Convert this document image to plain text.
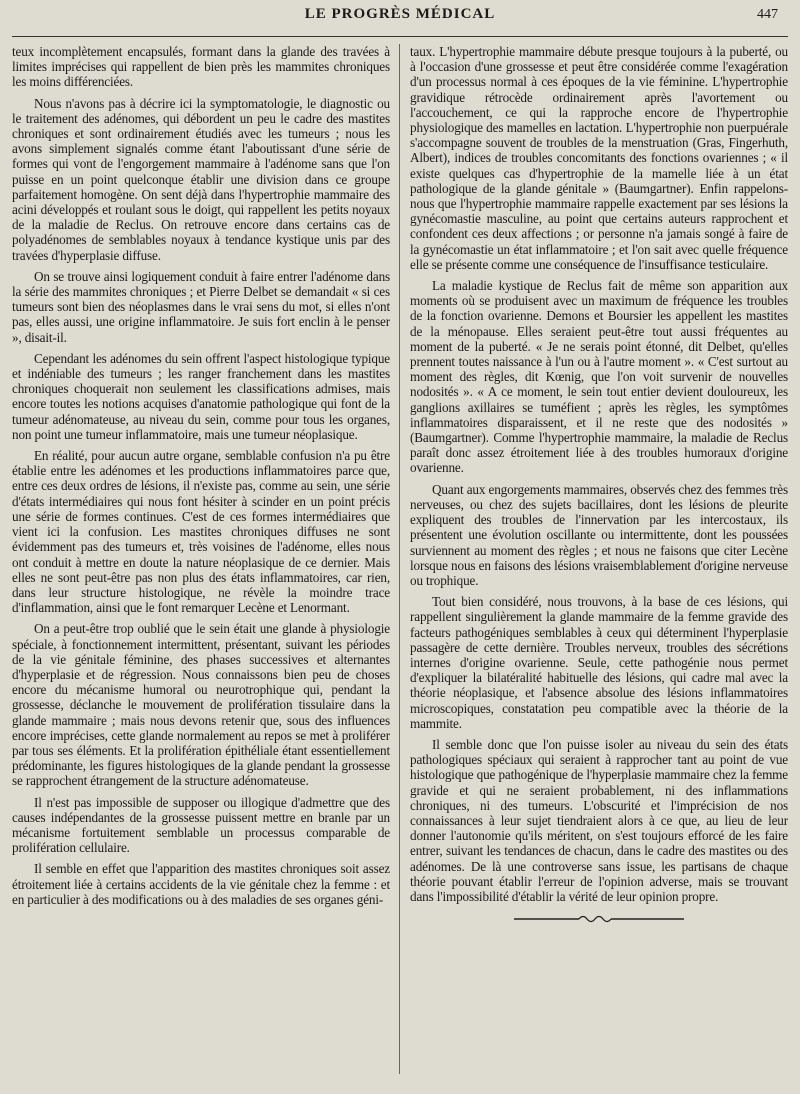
LE PROGRÈS MÉDICAL	447

teux incomplètement encapsulés, formant dans la glande des travées à limites imprécises qui rappellent de bien près les mammites chroniques les moins différenciées.

Nous n'avons pas à décrire ici la symptomatologie, le diagnostic ou le traitement des adénomes, qui débordent un peu le cadre des mastites chroniques et sont ordinairement étudiés avec les tumeurs ; nous les avons simplement signalés comme étant l'aboutissant d'une série de formes qui vont de l'engorgement mammaire à l'adénome sans que l'on puisse en un point quelconque établir une division dans ce groupe parfaitement homogène. On sent déjà dans l'hypertrophie mammaire des acini développés et roulant sous le doigt, qui rappellent les petits noyaux de la maladie de Reclus. On retrouve encore dans certains cas de polyadénomes de semblables noyaux à tendance kystique unis par des travées d'hyperplasie diffuse.

On se trouve ainsi logiquement conduit à faire entrer l'adénome dans la série des mammites chroniques ; et Pierre Delbet se demandait « si ces tumeurs sont bien des néoplasmes dans le vrai sens du mot, si elles n'ont pas, elles aussi, une origine inflammatoire. Je suis fort enclin à le penser », disait-il.

Cependant les adénomes du sein offrent l'aspect histologique typique et indéniable des tumeurs ; les ranger franchement dans les mastites chroniques choquerait non seulement les classifications admises, mais encore toutes les notions acquises d'anatomie pathologique qui font de la tumeur adénomateuse, au niveau du sein, comme pour tous les organes, non point une tumeur inflammatoire, mais une tumeur néoplasique.

En réalité, pour aucun autre organe, semblable confusion n'a pu être établie entre les adénomes et les productions inflammatoires parce que, entre ces deux ordres de lésions, il n'existe pas, comme au sein, une série d'états intermédiaires qui nous font hésiter à scinder en un point précis une série de formes continues. C'est de ces formes intermédiaires que vient ici la confusion. Les mastites chroniques diffuses ne sont évidemment pas des tumeurs et, très voisines de l'adénome, elles nous ont conduit à mettre en doute la nature néoplasique de ce dernier. Mais elles ne sont peut-être pas non plus des états inflammatoires, car rien, dans leur structure histologique, ne révèle la moindre trace d'inflammation, ainsi que le font remarquer Lecène et Lenormant.

On a peut-être trop oublié que le sein était une glande à physiologie spéciale, à fonctionnement intermittent, présentant, suivant les périodes de la vie génitale féminine, des phases successives et alternantes d'hyperplasie et de régression. Nous connaissons bien peu de choses encore du mécanisme humoral ou neurotrophique qui, pendant la grossesse, déclanche le mouvement de prolifération tissulaire dans la glande mammaire ; mais nous devons retenir que, sous des influences encore imprécises, cette glande normalement au repos se met à proliférer par tous ses éléments. Et la prolifération épithéliale étant essentiellement prédominante, les figures histologiques de la glande pendant la grossesse se rapprochent étrangement de la structure adénomateuse.

Il n'est pas impossible de supposer ou illogique d'admettre que des causes indépendantes de la grossesse puissent mettre en branle par un mécanisme fortuitement semblable un processus comparable de prolifération cellulaire.

Il semble en effet que l'apparition des mastites chroniques soit assez étroitement liée à certains accidents de la vie génitale chez la femme : et en particulier à des modifications ou à des maladies de ses organes géni-

taux. L'hypertrophie mammaire débute presque toujours à la puberté, ou à l'occasion d'une grossesse et peut être considérée comme l'exagération d'un processus normal à ces époques de la vie féminine. L'hypertrophie gravidique rétrocède ordinairement après l'avortement ou l'accouchement, ce qui la rapproche encore de l'hypertrophie physiologique des mamelles en lactation. L'hypertrophie non puerpuérale s'accompagne souvent de troubles de la menstruation (Gras, Fingerhuth, Albert), indices de troubles concomitants des fonctions ovariennes ; « il existe quelques cas d'hypertrophie de la mamelle liée à un état pathologique de la glande génitale » (Baumgartner). Enfin rappelons-nous que l'hypertrophie mammaire rappelle exactement par ses lésions la gynécomastie masculine, au point que certains auteurs rapprochent et confondent ces deux affections ; or personne n'a jamais songé à faire de la gynécomastie un état inflammatoire ; et l'on sait avec quelle fréquence elle se présente comme une conséquence de l'insuffisance testiculaire.

La maladie kystique de Reclus fait de même son apparition aux moments où se produisent avec un maximum de fréquence les troubles de la fonction ovarienne. Demons et Boursier les appellent les mastites de la ménopause. Elles seraient peut-être tout aussi fréquentes au moment de la puberté. « Je ne serais point étonné, dit Delbet, qu'elles prennent toutes naissance à l'un ou à l'autre moment ». « C'est surtout au moment des règles, dit Kœnig, que l'on voit survenir de nouvelles nodosités ». « A ce moment, le sein tout entier devient douloureux, les ganglions axillaires se tuméfient ; après les règles, les symptômes inflammatoires disparaissent, et il ne reste que des nodosités » (Baumgartner). Comme l'hypertrophie mammaire, la maladie de Reclus paraît donc assez étroitement liée à des troubles humoraux d'origine ovarienne.

Quant aux engorgements mammaires, observés chez des femmes très nerveuses, ou chez des sujets bacillaires, dont les lésions de pleurite expliquent des troubles de l'innervation par les intercostaux, ils présentent une évolution oscillante ou intermittente, dont les poussées surviennent au moment des règles ; et nous ne faisons que citer Lecène lorsque nous en faisons des lésions vraisemblablement d'origine nerveuse ou trophique.

Tout bien considéré, nous trouvons, à la base de ces lésions, qui rappellent singulièrement la glande mammaire de la femme gravide des facteurs pathogéniques semblables à ceux qui déterminent l'hyperplasie passagère de cette dernière. Troubles nerveux, troubles des sécrétions internes d'origine ovarienne. Seule, cette pathogénie nous permet d'expliquer la bilatéralité habituelle des lésions, qui cadre mal avec la théorie néoplasique, et l'absence absolue des lésions inflammatoires microscopiques, constatation peu compatible avec la théorie de la mammite.

Il semble donc que l'on puisse isoler au niveau du sein des états pathologiques spéciaux qui seraient à rapprocher tant au point de vue histologique que pathogénique de l'hyperplasie mammaire chez la femme gravide et qui ne seraient probablement, ni des inflammations chroniques, ni des tumeurs. L'obscurité et l'imprécision de nos connaissances à leur sujet tiendraient alors à ce que, au lieu de leur donner l'autonomie qu'ils méritent, on s'est toujours efforcé de les faire entrer, suivant les tendances de chacun, dans le cadre des mastites ou des adénomes. De là une controverse sans issue, les partisans de chaque théorie pouvant établir l'erreur de l'opinion adverse, mais se trouvant dans l'impossibilité d'établir la vérité de leur opinion propre.
